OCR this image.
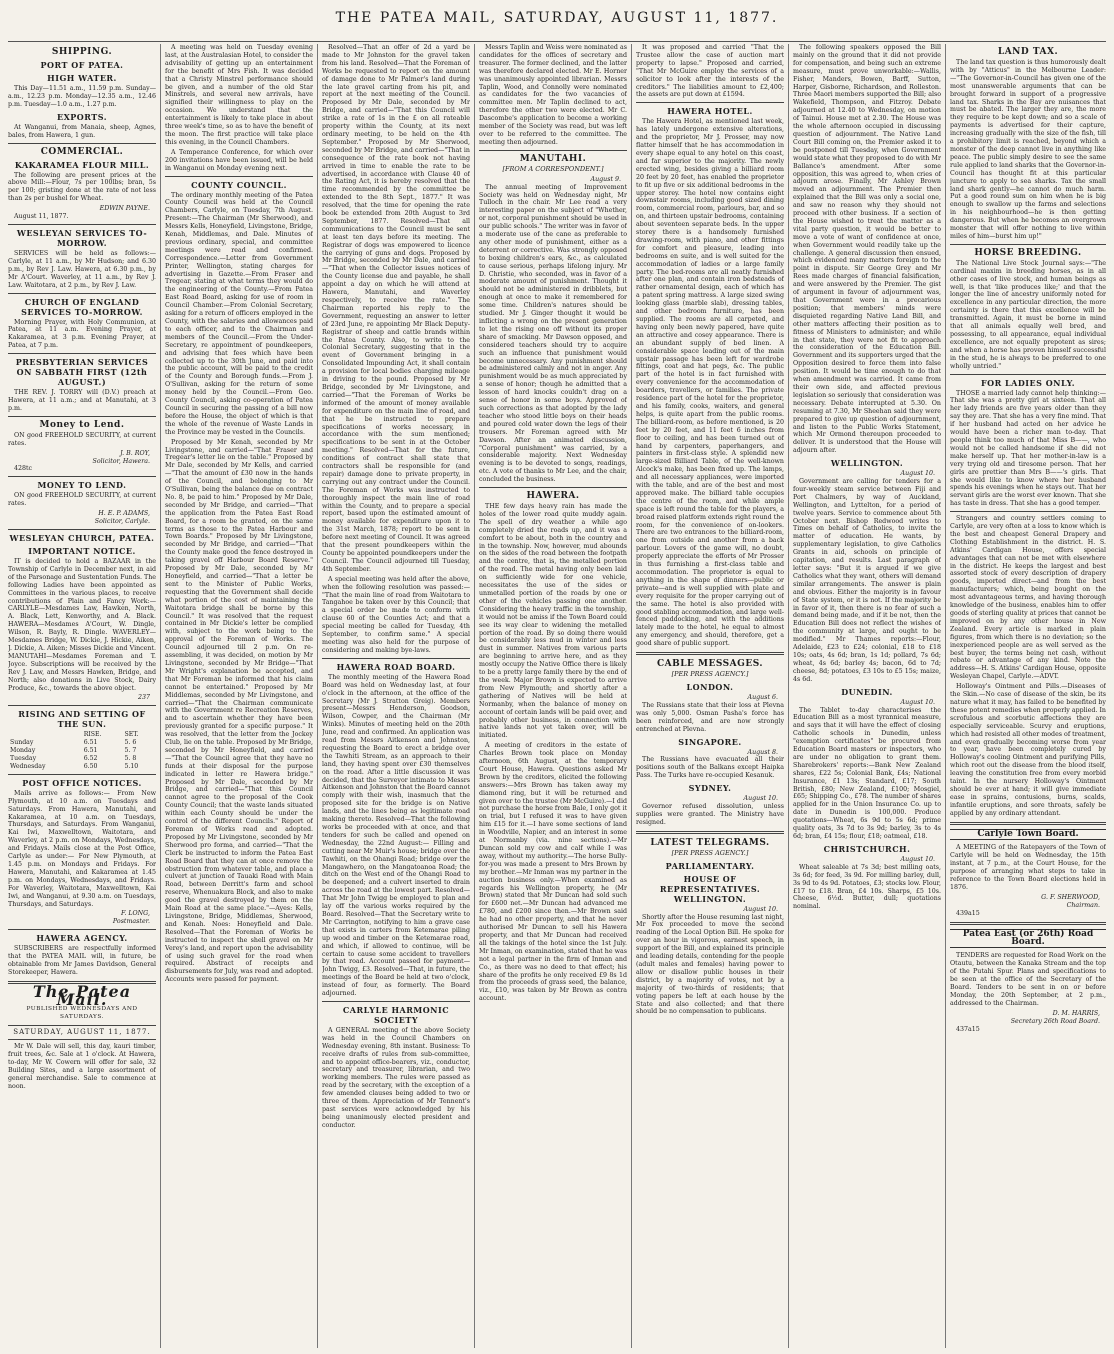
THE PATEA MAIL, SATURDAY, AUGUST 11, 1877.
SHIPPING.
PORT OF PATEA.
HIGH WATER.

This Day—11.51 a.m., 11.59 p.m. Sunday—a.m., 12.23 p.m. Monday—12.35 a.m., 12.46 p.m. Tuesday—1.0 a.m., 1.27 p.m.

EXPORTS.

At Wanganui, from Manaia, sheep, Agnes, bales, from Hawera, 1 gun.

COMMERCIAL.
KAKARAMEA FLOUR MILL.

The following are present prices at the above Mill:—Flour, 7s per 100lbs; bran, 5s per 100; gristing done at the rate of not less than 2s per bushel for Wheat.

EDWIN PAYNE.

August 11, 1877.

WESLEYAN SERVICES TO-MORROW.

SERVICES will be held as follows:— Carlyle, at 11 a.m., by Mr Hudson; and 6.30 p.m., by Rev J. Law. Hawera, at 6.30 p.m., by Mr A'Court. Waverley, at 11 a.m., by Rev J. Law. Waitotara, at 2 p.m., by Rev J. Law.

CHURCH OF ENGLAND SERVICES TO-MORROW.

Morning Prayer, with Holy Communion, at Patea, at 11 a.m. Evening Prayer, at Kakaramea, at 3 p.m. Evening Prayer, at Patea, at 7 p.m.

PRESBYTERIAN SERVICES ON SABBATH FIRST (12th AUGUST.)

THE REV. J. TORRY will (D.V.) preach at Hawera, at 11 a.m.; and at Manutahi, at 3 p.m.

Money to Lend.

ON good FREEHOLD SECURITY, at current rates.

J. B. ROY,
Solicitor, Hawera.

428tc

MONEY TO LEND.

ON good FREEHOLD SECURITY, at current rates.

H. E. P. ADAMS,
Solicitor, Carlyle.
WESLEYAN CHURCH, PATEA.
IMPORTANT NOTICE.

IT is decided to hold a BAZAAR in the Township of Carlyle in December next, in aid of the Parsonage and Sustentation Funds. The following Ladies have been appointed as Committees in the various places, to receive contributions of Plain and Fancy Work:— CARLYLE—Mesdames Law, Hawken, North, A. Black, Lett, Kenworthy, and A. Black. HAWERA—Mesdames A'Court, W. Dingle, Wilson, R. Bayly, R. Dingle. WAVERLEY—Mesdames Bridge, W. Dickie, J. Hickie, Aiken, J. Dickie, A. Aiken; Misses Dickie and Vincent. MANUTAHI—Mesdames Foreman and T. Joyce. Subscriptions will be received by the Rev J. Law, and Messrs Hawken, Bridge, and North; also donations in Live Stock, Dairy Produce, &c., towards the above object.

237
RISING AND SETTING OF THE SUN.
	RISE.	SET.
Sunday	6.51	5. 6
Monday	6.51	5. 7
Tuesday	6.52	5. 8
Wednesday	6.50	5.10
POST OFFICE NOTICES.

Mails arrive as follows:— From New Plymouth, at 10 a.m. on Tuesdays and Saturdays. From Hawera, Manutahi, and Kakaramea, at 10 a.m. on Tuesdays, Thursdays, and Saturdays. From Wanganui, Kai Iwi, Maxwelltown, Waitotara, and Waverley, at 2 p.m. on Mondays, Wednesdays, and Fridays. Mails close at the Post Office, Carlyle as under:— For New Plymouth, at 1.45 p.m. on Mondays and Fridays. For Hawera, Manutahi, and Kakaramea at 1.45 p.m. on Mondays, Wednesdays, and Fridays. For Waverley, Waitotara, Maxwelltown, Kai Iwi, and Wanganui, at 9.30 a.m. on Tuesdays, Thursdays, and Saturdays.

F. LONG,
Postmaster.
HAWERA AGENCY.

SUBSCRIBERS are respectfully informed that the PATEA MAIL will, in future, be obtainable from Mr James Davidson, General Storekeeper, Hawera.

The Patea Mail.
PUBLISHED WEDNESDAYS AND SATURDAYS.
SATURDAY, AUGUST 11, 1877.

Mr W. Dale will sell, this day, kauri timber, fruit trees, &c. Sale at 1 o'clock. At Hawera, to-day, Mr W. Cowern will offer for sale, 32 Building Sites, and a large assortment of general merchandise. Sale to commence at noon.

A meeting was held on Tuesday evening last, at the Australasian Hotel, to consider the advisability of getting up an entertainment for the benefit of Mrs Fish. It was decided that a Christy Minstrel performance should be given, and a number of the old Star Minstrels, and several new arrivals, have signified their willingness to play on the occasion. We understand that the entertainment is likely to take place in about three week's time, so as to have the benefit of the moon. The first practice will take place this evening, in the Council Chambers.

A Temperance Conference, for which over 200 invitations have been issued, will be held in Wanganui on Monday evening next.

COUNTY COUNCIL.

The ordinary monthly meeting of the Patea County Council was held at the Council Chambers, Carlyle, on Tuesday, 7th August. Present:—The Chairman (Mr Sherwood), and Messrs Kells, Honeyfield, Livingstone, Bridge, Kenah, Middlemas, and Dale. Minutes of previous ordinary, special, and committee meetings were read and confirmed. Correspondence.—Letter from Government Printer, Wellington, stating charges for advertising in Gazette.—From Fraser and Tregear, stating at what terms they would do the engineering of the County.—From Patea East Road Board, asking for use of room in Council Chamber.—From Colonial Secretary, asking for a return of officers employed in the County, with the salaries and allowances paid to each officer, and to the Chairman and members of the Council.—From the Under-Secretary, re appointment of poundkeepers, and advising that fees which have been collected up to the 30th June, and paid into the public account, will be paid to the credit of the County and Borough funds.—From J. O'Sullivan, asking for the return of some money held by the Council.—From Geo. County Council, asking co-operation of Patea Council in securing the passing of a bill now before the House, the object of which is that the whole of the revenue of Waste Lands in the Province may be vested in the Councils.

Proposed by Mr Kenah, seconded by Mr Livingstone, and carried—"That Fraser and Tregear's letter lie on the table." Proposed by Mr Dale, seconded by Mr Kells, and carried—"That the amount of £30 now in the hands of the Council, and belonging to Mr O'Sullivan, being the balance due on contract No. 8, be paid to him." Proposed by Mr Dale, seconded by Mr Bridge, and carried—"That the application from the Patea East Road Board, for a room be granted, on the same terms as those to the Patea Harbour and Town Boards." Proposed by Mr Livingstone, seconded by Mr Bridge, and carried—"That the County make good the fence destroyed in taking gravel off Harbour Board Reserve." Proposed by Mr Dale, seconded by Mr Honeyfield, and carried—"That a letter be sent to the Minister of Public Works, requesting that the Government shall decide what portion of the cost of maintaining the Waitotara bridge shall be borne by this Council." It was resolved that the request contained in Mr Dickie's letter be complied with, subject to the work being to the approval of the Foreman of Works. The Council adjourned till 2 p.m. On re-assembling, it was decided, on motion by Mr Livingstone, seconded by Mr Bridge—"That Mr Wright's explanation be accepted, and that Mr Foreman be informed that his claim cannot be entertained." Proposed by Mr Middlemas, seconded by Mr Livingstone, and carried—"That the Chairman communicate with the Government re Recreation Reserves, and to ascertain whether they have been previously granted for a specific purpose." It was resolved, that the letter from the Jockey Club, lie on the table. Proposed by Mr Bridge, seconded by Mr Honeyfield, and carried—"That the Council agree that they have no funds at their disposal for the purpose indicated in letter re Hawera bridge." Proposed by Mr Dale, seconded by Mr Bridge, and carried—"That this Council cannot agree to the proposal of the Cook County Council; that the waste lands situated within each County should be under the control of the different Councils." Report of Foreman of Works read and adopted. Proposed by Mr Livingstone, seconded by Mr Sherwood pro forma, and carried—"That the Clerk be instructed to inform the Patea East Road Board that they can at once remove the obstruction from whatever table, and place a culvert at junction of Tauaki Road with Main Road, between Derritt's farm and school reserve, Whenuakura Block, and also to make good the gravel destroyed by them on the Main Road at the same place."—Ayes: Kells, Livingstone, Bridge, Middlemas, Sherwood, and Kenah. Noes: Honeyfield and Dale. Resolved—That the Foreman of Works be instructed to inspect the shell gravel on Mr Verey's land, and report upon the advisability of using such gravel for the road when required. Abstract of receipts and disbursements for July, was read and adopted. Accounts were passed for payment.

Resolved—That an offer of 2d a yard be made to Mr Johnston for the gravel taken from his land. Resolved—That the Foreman of Works be requested to report on the amount of damage done to Mr Palmer's land during the late gravel carting from his pit, and report at the next meeting of the Council. Proposed by Mr Dale, seconded by Mr Bridge, and carried—"That this Council will strike a rate of 1s in the £ on all rateable property within the County, at its next ordinary meeting, to be held on the 4th September." Proposed by Mr Sherwood, seconded by Mr Bridge, and carried—"That in consequence of the rate book not having arrived in time to enable the rate to be advertised, in accordance with Clause 40 of the Rating Act, it is hereby resolved that the time recommended by the committee be extended to the 8th Sept., 1877." It was resolved, that the time for opening the rate book be extended from 20th August to 3rd September, 1877. Resolved—That all communications to the Council must be sent at least ten days before its meeting. The Registrar of dogs was empowered to licence the carrying of guns and dogs. Proposed by Mr Bridge, seconded by Mr Dale, and carried—"That when the Collector issues notices of the County license due and payable, he shall appoint a day on which he will attend at Hawera, Manutahi, and Waverley respectively, to receive the rate." The Chairman reported his reply to the Government, requesting an answer to letter of 23rd June, re appointing Mr Black Deputy-Registrar of sheep and cattle brands within the Patea County. Also, to write to the Colonial Secretary, suggesting that in the event of Government bringing in a Consolidated Impounding Act, it shall contain a provision for local bodies charging mileage in driving to the pound. Proposed by Mr Bridge, seconded by Mr Livingstone, and carried—"That the Foreman of Works be informed of the amount of money available for expenditure on the main line of road, and that he be instructed to prepare specifications of works necessary, in accordance with the sum mentioned; specifications to be sent in at the October meeting." Resolved—That for the future, conditions of contract shall state that contractors shall be responsible for (and repair) damage done to private property, in carrying out any contract under the Council. The Foreman of Works was instructed to thoroughly inspect the main line of road within the County, and to prepare a special report, based upon the estimated amount of money available for expenditure upon it to the 31st March, 1878; report to be sent in before next meeting of Council. It was agreed that the present poundkeepers within the County be appointed poundkeepers under the Council. The Council adjourned till Tuesday, 4th September.

A special meeting was held after the above, when the following resolution was passed:— "That the main line of road from Waitotara to Tangahoe be taken over by this Council; that a special order be made to conform with clause 60 of the Counties Act; and that a special meeting be called for Tuesday, 4th September, to confirm same." A special meeting was also held for the purpose of considering and making bye-laws.

HAWERA ROAD BOARD.

The monthly meeting of the Hawera Road Board was held on Wednesday last, at four o'clock in the afternoon, at the office of the Secretary (Mr J. Stratton Greig). Members present—Messrs Henderson, Goodson, Wilson, Cowper, and the Chairman (Mr Winks). Minutes of meeting held on the 20th June, read and confirmed. An application was read from Messrs Aitkenson and Johnston, requesting the Board to erect a bridge over the Tawhiti Stream, as an approach to their land, they having spent over £30 themselves on the road. After a little discussion it was decided, that the Surveyor intimate to Messrs Aitkenson and Johnston that the Board cannot comply with their wish, inasmuch that the proposed site for the bridge is on Native lands, and the lines being as legitimate road making thereto. Resolved—That the following works be proceeded with at once, and that tenders for such be called and opened on Wednesday, the 22nd August:— Filling and cutting near Mr Muir's house; bridge over the Tawhiti, on the Ohangi Road; bridge over the Mangawhero, on the Mangatoanoa Road; the ditch on the West end of the Ohangi Road to be deepened; and a culvert inserted to drain across the road at the lowest part. Resolved—That Mr John Twigg be employed to plan and lay off the various works required by the Board. Resolved—That the Secretary write to Mr Carrington, notifying to him a grave case that exists in carters from Ketemarae piling up wood and timber on the Ketemarae road, and which, if allowed to continue, will be certain to cause some accident to travellers by that road. Account passed for payment—John Twigg, £3. Resolved—That, in future, the meetings of the Board be held at two o'clock, instead of four, as formerly. The Board adjourned.

CARLYLE HARMONIC SOCIETY

A GENERAL meeting of the above Society was held in the Council Chambers on Wednesday evening, 8th instant. Business: To receive drafts of rules from sub-committee, and to appoint office-bearers, viz., conductor, secretary and treasurer, librarian, and two working members. The rules were passed as read by the secretary, with the exception of a few amended clauses being added to two or three of them. Appreciation of Mr Tennent's past services were acknowledged by his being unanimously elected president and conductor.

Messrs Taplin and Weiss were nominated as candidates for the offices of secretary and treasurer. The former declined, and the latter was therefore declared elected. Mr E. Horner was unanimously appointed librarian. Messrs Taplin, Wood, and Connolly were nominated as candidates for the two vacancies of committee men. Mr Taplin declined to act, therefore the other two were elected. Mr C. Dascombe's application to become a working member of the Society was read, but was left over to be referred to the committee. The meeting then adjourned.

MANUTAHI.
[FROM A CORRESPONDENT.]
August 9.

The annual meeting of Improvement Society was held on Wednesday night, Mr Tulloch in the chair. Mr Lee read a very interesting paper on the subject of "Whether, or not, corporal punishment should be used in our public schools." The writer was in favor of a moderate use of the cane as preferable to any other mode of punishment, either as a deterrent or corrective. Was strongly opposed to boxing children's ears, &c., as calculated to cause serious, perhaps lifelong injury. Mr D. Christie, who seconded, was in favor of a moderate amount of punishment. Thought it should not be administered in dribblets, but enough at once to make it remembered for some time. Children's natures should be studied. Mr J. Ginger thought it would be inflicting a wrong on the present generation to let the rising one off without its proper share of smacking. Mr Dawson opposed, and considered teachers should try to acquire such an influence that punishment would become unnecessary. Any punishment should be administered calmly and not in anger. Any punishment would be as much appreciated by a sense of honor; though he admitted that a lesson of hard knocks couldn't drag on a sense of honor in some boys. Approved of such corrections as that adopted by the lady teacher who stood little boys on their heads and poured cold water down the legs of their trousers. Mr Foreman agreed with Mr Dawson. After an animated discussion, "Corporal punishment" was carried, by a considerable majority. Next Wednesday evening is to be devoted to songs, readings, etc. A vote of thanks to Mr Lee, and the chair, concluded the business.

HAWERA.

THE few days heavy rain has made the holes of the lower road quite muddy again. The spell of dry weather a while ago completely dried the roads up, and it was a comfort to be about, both in the country and in the township. Now, however, mud abounds on the sides of the road between the footpath and the centre, that is, the metalled portion of the road. The metal having only been laid on sufficiently wide for one vehicle, necessitates the use of the sides or unmetalled portion of the roads by one or other of the vehicles passing one another. Considering the heavy traffic in the township, it would not be amiss if the Town Board could see its way clear to widening the metalled portion of the road. By so doing there would be considerably less mud in winter and less dust in summer. Natives from various parts are beginning to arrive here, and as they mostly occupy the Native Office there is likely to be a pretty large family there by the end of the week. Major Brown is expected to arrive from New Plymouth; and shortly after a gathering of Natives will be held at Normanby, when the balance of money on account of certain lands will be paid over, and probably other business, in connection with native lands not yet taken over, will be initiated.

A meeting of creditors in the estate of Charles Brown took place on Monday afternoon, 6th August, at the temporary Court House, Hawera. Questions asked Mr Brown by the creditors, elicited the following answers:—Mrs Brown has taken away my diamond ring, but it will be returned and given over to the trustee (Mr McGuire).—I did not purchase the horse from Bale, I only got it on trial, but I refused it was to have given him £15 for it.—I have some sections of land in Woodville, Napier, and an interest in some at Normanby (via. nine sections).—Mr Duncan sold my cow and calf while I was away, without my authority.—The horse Bully-for-you was made a present to Mrs Brown by my brother.—Mr Inman was my partner in the auction business only.—When examined as regards his Wellington property, he (Mr Brown) stated that Mr Duncan had sold such for £600 net.—Mr Duncan had advanced me £780, and £200 since then.—Mr Brown said he had no other property, and that he never authorised Mr Duncan to sell his Hawera property, and that Mr Duncan had received all the takings of the hotel since the 1st July. Mr Inman, on examination, stated that he was not a legal partner in the firm of Inman and Co., as there was no deed to that effect; his share of the profits he only received £9 8s 1d from the proceeds of grass seed, the balance, viz., £10, was taken by Mr Brown as contra account.

It was proposed and carried "That the Trustee allow the case of auction mart property to lapse." Proposed and carried, "That Mr McGuire employ the services of a solicitor to look after the interests of the creditors." The liabilities amount to £2,400; the assets are put down at £1594.

HAWERA HOTEL.

The Hawera Hotel, as mentioned last week, has lately undergone extensive alterations, and the proprietor, Mr J. Prosser, may now flatter himself that he has accommodation in every shape equal to any hotel on this coast, and far superior to the majority. The newly erected wing, besides giving a billiard room 20 feet by 20 feet, has enabled the proprietor to fit up five or six additional bedrooms in the upper storey. The hotel now contains eight downstair rooms, including good sized dining room, commercial room, parlours, bar, and so on, and thirteen upstair bedrooms, containing about seventeen separate beds. In the upper storey there is a handsomely furnished drawing-room, with piano, and other fittings for comfort and pleasure, leading into bedrooms en suite, and is well suited for the accommodation of ladies or a large family party. The bed-rooms are all neatly furnished after one plan, and contain iron bedsteads of rather ornamental design, each of which has a patent spring mattress. A large sized swing looking glass (marble slab), dressing tables, and other bedroom furniture, has been supplied. The rooms are all carpeted, and having only been newly papered, have quite an attractive and cosey appearance. There is an abundant supply of bed linen. A considerable space leading out of the main upstair passage has been left for wardrobe fittings, coat and hat pegs, &c. The public part of the hotel is in fact furnished with every convenience for the accommodation of boarders, travellers, or families. The private residence part of the hotel for the proprietor, and his family, cooks, waiters, and general helps, is quite apart from the public rooms. The billiard-room, as before mentioned, is 20 feet by 20 feet, and 11 feet 6 inches from floor to ceiling, and has been turned out of hand by carpenters, paperhangers, and painters in first-class style. A splendid new large-sized Billiard Table, of the well-known Alcock's make, has been fixed up. The lamps, and all necessary appliances, were imported with the table, and are of the best and most approved make. The billiard table occupies the centre of the room, and while ample space is left round the table for the players, a broad raised platform extends right round the room, for the convenience of on-lookers. There are two entrances to the billiard-room, one from outside and another from a back parlour. Lovers of the game will, no doubt, properly appreciate the efforts of Mr Prosser in thus furnishing a first-class table and accommodation. The proprietor is equal to anything in the shape of dinners—public or private—and is well supplied with plate and every requisite for the proper carrying out of the same. The hotel is also provided with good stabling accommodation, and large well-fenced paddocking, and with the additions lately made to the hotel, he equal to almost any emergency, and should, therefore, get a good share of public support.

CABLE MESSAGES.
[PER PRESS AGENCY.]
LONDON.
August 6.

The Russians state that their loss at Plevna was only 5,000. Osman Pasha's force has been reinforced, and are now strongly entrenched at Plevna.

SINGAPORE.
August 8.

The Russians have evacuated all their positions south of the Balkans except Haipka Pass. The Turks have re-occupied Kesanuk.

SYDNEY.
August 10.

Governor refused dissolution, unless supplies were granted. The Ministry have resigned.

LATEST TELEGRAMS.
[PER PRESS AGENCY.]
PARLIAMENTARY.
HOUSE OF REPRESENTATIVES. WELLINGTON.
August 10.

Shortly after the House resuming last night, Mr Fox proceeded to move the second reading of the Local Option Bill. He spoke for over an hour in vigorous, earnest speech, in support of the Bill, and explained its principle and leading details, contending for the people (adult males and females) having power to allow or disallow public houses in their district, by a majority of votes, not by a majority of two-thirds of residents; that voting papers be left at each house by the State and also collected; and that there should be no compensation to publicans.

The following speakers opposed the Bill mainly on the ground that it did not provide for compensation, and being such an extreme measure, must prove unworkable:—Wallis, Fisher, Manders, Bowen, Barff, Sutton, Harper, Gisborne, Richardson, and Rolleston. Three Maori members supported the Bill; also Wakefield, Thompson, and Fitzroy. Debate adjourned at 12.40 to Wednesday, on motion of Tainui. House met at 2.30. The House was the whole afternoon occupied in discussing question of adjournment. The Native Land Court Bill coming on, the Premier asked it to be postponed till Tuesday, when Government would state what they proposed to do with Mr Ballance's amendment. After some opposition, this was agreed to, when cries of adjourn arose. Finally, Mr Ashley Brown moved an adjournment. The Premier then explained that the Bill was only a social one, and saw no reason why they should not proceed with other business. If a section of the House wished to treat the matter as a vital party question, it would be better to move a vote of want of confidence at once, when Government would readily take up the challenge. A general discussion then ensued, which evidenced many matters foreign to the point in dispute. Sir George Grey and Mr Rees made charges of financial falsification, and were answered by the Premier. The gist of argument in favour of adjournment was, that Government were in a precarious position; that members' minds were disquieted regarding Native Land Bill, and other matters affecting their position as to fitness of Ministers to administer; and while in that state, they were not fit to approach the consideration of the Education Bill. Government and its supporters urged that the Opposition desired to force them into false position. It would be time enough to do that when amendment was carried. It came from their own side, and affected previous legislation so seriously that consideration was necessary. Debate interrupted at 5.30. On resuming at 7.30, Mr Sheehan said they were prepared to give up question of adjournment, and listen to the Public Works Statement, which Mr Ormond thereupon proceeded to deliver. It is understood that the House will adjourn after.

WELLINGTON.
August 10.

Government are calling for tenders for a four-weekly steam service between Fiji and Port Chalmers, by way of Auckland, Wellington, and Lyttelton, for a period of twelve years. Service to commence about 5th October next. Bishop Redwood writes to Times on behalf of Catholics, to invite the matter of education. He wants, by supplementary legislation, to give Catholics Grants in aid, schools on principle of capitation, and results. Last paragraph of letter says: "But it is argued if we give Catholics what they want, others will demand similar arrangements. The answer is plain and obvious. Either the majority is in favour of State system, or it is not. If the majority be in favor of it, then there is no fear of such a demand being made, and if it be not, then the Education Bill does not reflect the wishes of the community at large, and ought to be modified." Mr Thames reports:—Flour, Adelaide, £23 to £24; colonial, £18 to £18 10s; oats, 4s 6d; bran, 1s 1d; pollard, 7s 6d; wheat, 4s 6d; barley 4s; bacon, 6d to 7d; cheese, 8d; potatoes, £3 10s to £5 15s; maize, 4s 6d.

DUNEDIN.
August 10.

The Tablet to-day characterises the Education Bill as a most tyrannical measure, and says that it will have the effect of closing Catholic schools in Dunedin, unless "exemption certificates" be procured from Education Board masters or inspectors, who are under no obligation to grant them. Sharebrokers' reports:—Bank New Zealand shares, £22 5s; Colonial Bank, £4s; National Insurance, £1 13s; Standard, £17; South British, £80; New Zealand, £100; Mosgiel, £65; Shipping Co., £78. The number of shares applied for in the Union Insurance Co. up to date in Dunedin is 100,000. Produce quotations—Wheat, 6s 9d to 5s 6d; prime quality oats, 3s 7d to 3s 9d; barley, 3s to 4s 6d; bran, £4 15s; flour, £18; oatmeal, £18.

CHRISTCHURCH.
August 10.

Wheat saleable at 7s 3d; best milling oats, 3s 6d; for feed, 3s 9d. For milling barley, dull, 3s 9d to 4s 9d. Potatoes, £3; stocks low. Flour, £17 to £18. Bran, £4 10s. Sharps, £5 10s. Cheese, 6½d. Butter, dull; quotations nominal.

LAND TAX.

The land tax question is thus humorously dealt with by "Atticus" in the Melbourne Leader:—"The Governor-in-Council has given one of the most unanswerable arguments that can be brought forward in support of a progressive land tax. Sharks in the Bay are nuisances that must be abated. The larger they are, the more they require to be kept down; and so a scale of payments is advertised for their capture, increasing gradually with the size of the fish, till a prohibitory limit is reached, beyond which a monster of the deep cannot live in anything like peace. The public simply desire to see the same rule applied to land sharks that the Governor-in-Council has thought fit at this particular juncture to apply to sea sharks. Tax the small land shark gently—he cannot do much harm. Put a good round sum on him when he is big enough to swallow up the farms and selections in his neighbourhood—he is then getting dangerous. But when he becomes an overgrown monster that will offer nothing to live within miles of him—burst him up!"

HORSE BREEDING.

The National Live Stock Journal says:—"The cardinal maxim in breeding horses, as in all other cases of live stock, and human beings as well, is that 'like produces like;' and that the longer the line of ancestry uniformly noted for excellence in any particular direction, the more certainty is there that this excellence will be transmitted. Again, it must be borne in mind that all animals equally well bred, and possessing, to all appearance, equal individual excellence, are not equally prepotent as sires; and when a horse has proven himself successful in the stud, he is always to be preferred to one wholly untried."

FOR LADIES ONLY.

THOSE a married lady cannot help thinking:— That she was a pretty girl at sixteen. That all her lady friends are five years older than they say they are. That she has a very fine mind. That if her husband had acted on her advice he would have been a richer man to-day. That people think too much of that Miss B——, who would not be called handsome if she did not make herself up. That her mother-in-law is a very trying old and tiresome person. That her girls are prettier than Mrs B——'s girls. That she would like to know where her husband spends his evenings when he stays out. That her servant girls are the worst ever known. That she has taste in dress. That she has a good temper.

Strangers and country settlers coming to Carlyle, are very often at a loss to know which is the best and cheapest General Drapery and Clothing Establishment in the district. H. S. Atkins' Cardigan House, offers special advantages that can not be met with elsewhere in the district. He keeps the largest and best assorted stock of every description of drapery goods, imported direct—and from the best manufacturers; which, being bought on the most advantageous terms, and having thorough knowledge of the business, enables him to offer goods of sterling quality at prices that cannot be improved on by any other house in New Zealand. Every article is marked in plain figures, from which there is no deviation; so the inexperienced people are as well served as the best buyer, the terms being net cash, without rebate or advantage of any kind. Note the address—H. S. Atkins' Cardigan House, opposite Wesleyan Chapel, Carlyle.—ADVT.

Holloway's Ointment and Pills.—Diseases of the Skin.—No case of disease of the skin, be its nature what it may, has failed to be benefited by these potent remedies when properly applied. In scrofulous and scorbutic affections they are especially serviceable. Scurvy and eruptions, which had resisted all other modes of treatment, and even gradually becoming worse from year to year, have been completely cured by Holloway's cooling Ointment and purifying Pills, which root out the disease from the blood itself, leaving the constitution free from every morbid taint. In the nursery Holloway's Ointment should be ever at hand; it will give immediate ease in sprains, contusions, burns, scalds, infantile eruptions, and sore throats, safely be applied by any ordinary attendant.

Carlyle Town Board.

A MEETING of the Ratepayers of the Town of Carlyle will be held on Wednesday, the 15th instant, at 7 p.m., at the Court House, for the purpose of arranging what steps to take in reference to the Town Board elections held in 1876.

G. F. SHERWOOD,
Chairman.

439a15

Patea East (or 26th) Road Board.

TENDERS are requested for Road Work on the Otautu, between the Kanaka Stream and the top of the Putahi Spur. Plans and specifications to be seen at the office of the Secretary of the Board. Tenders to be sent in on or before Monday, the 20th September, at 2 p.m., addressed to the Chairman.

D. M. HARRIS,
Secretary 26th Road Board.

437a15
